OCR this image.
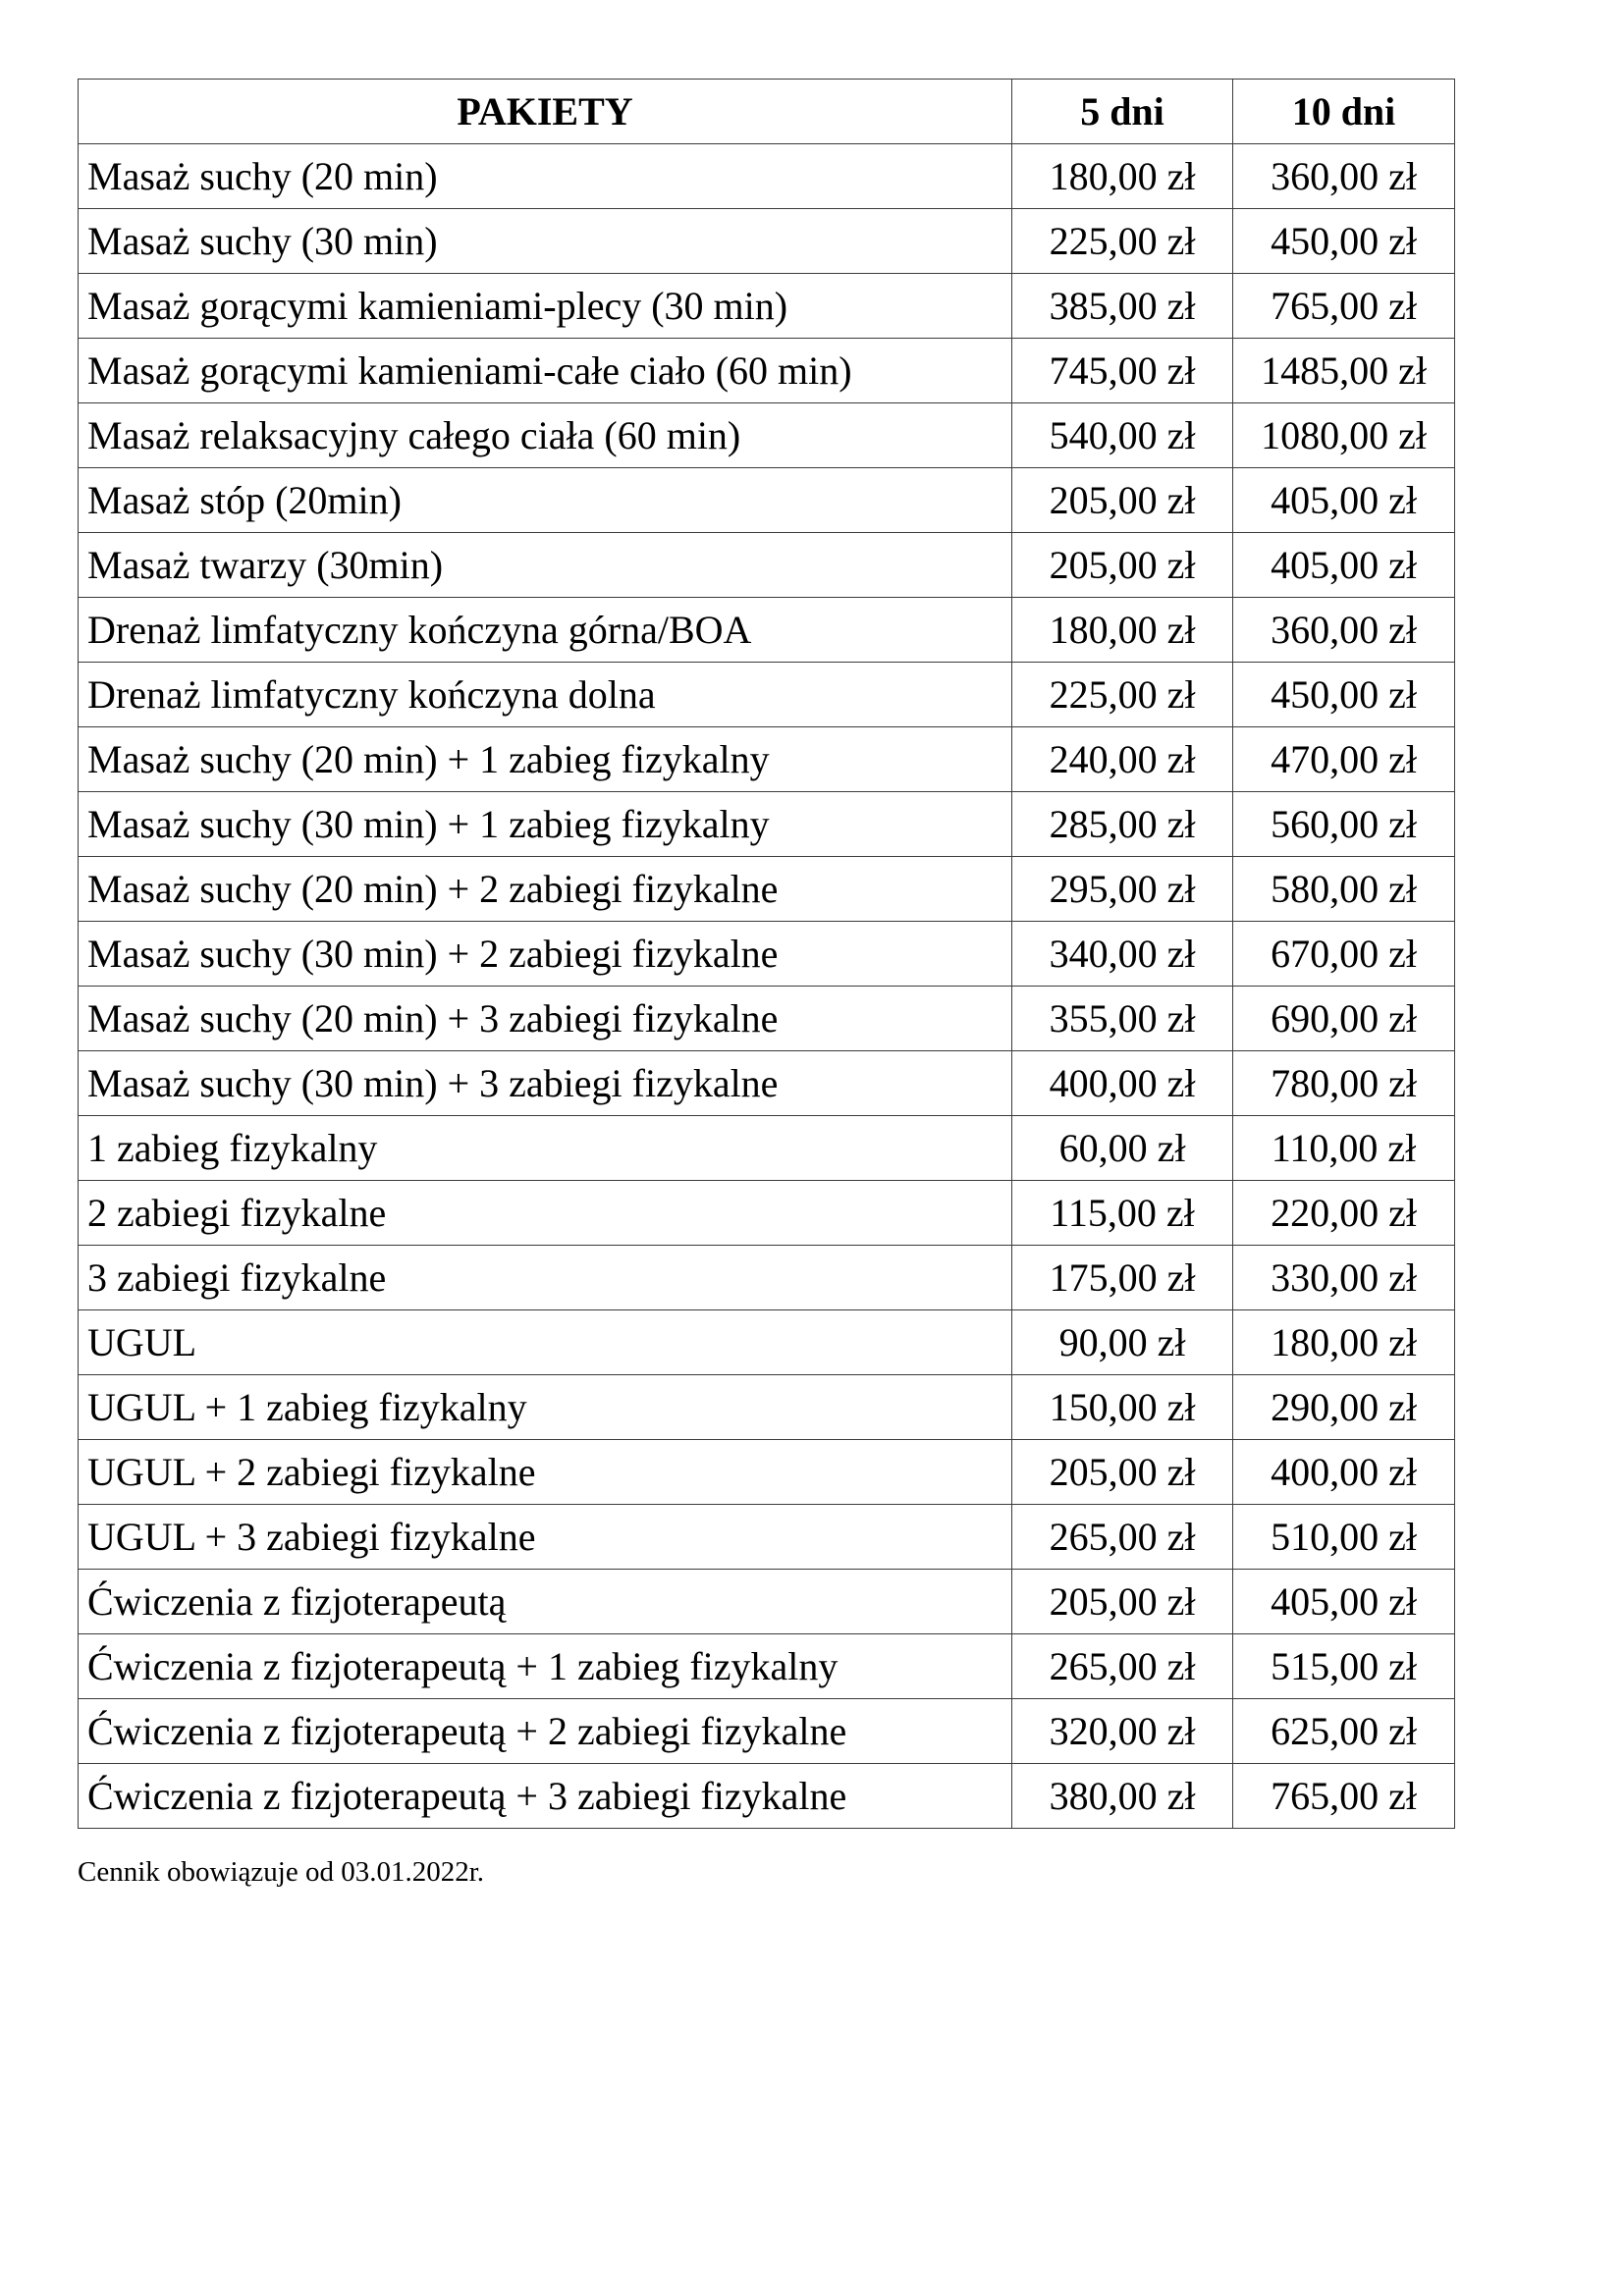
PAKIETY	5 dni	10 dni
Masaż suchy (20 min)	180,00 zł	360,00 zł
Masaż suchy (30 min)	225,00 zł	450,00 zł
Masaż gorącymi kamieniami-plecy (30 min)	385,00 zł	765,00 zł
Masaż gorącymi kamieniami-całe ciało (60 min)	745,00 zł	1485,00 zł
Masaż relaksacyjny całego ciała (60 min)	540,00 zł	1080,00 zł
Masaż stóp (20min)	205,00 zł	405,00 zł
Masaż twarzy (30min)	205,00 zł	405,00 zł
Drenaż limfatyczny kończyna górna/BOA	180,00 zł	360,00 zł
Drenaż limfatyczny kończyna dolna	225,00 zł	450,00 zł
Masaż suchy (20 min) + 1 zabieg fizykalny	240,00 zł	470,00 zł
Masaż suchy (30 min) + 1 zabieg fizykalny	285,00 zł	560,00 zł
Masaż suchy (20 min) + 2 zabiegi fizykalne	295,00 zł	580,00 zł
Masaż suchy (30 min) + 2 zabiegi fizykalne	340,00 zł	670,00 zł
Masaż suchy (20 min) + 3 zabiegi fizykalne	355,00 zł	690,00 zł
Masaż suchy (30 min) + 3 zabiegi fizykalne	400,00 zł	780,00 zł
1 zabieg fizykalny	60,00 zł	110,00 zł
2 zabiegi fizykalne	115,00 zł	220,00 zł
3 zabiegi fizykalne	175,00 zł	330,00 zł
UGUL	90,00 zł	180,00 zł
UGUL + 1 zabieg fizykalny	150,00 zł	290,00 zł
UGUL + 2 zabiegi fizykalne	205,00 zł	400,00 zł
UGUL + 3 zabiegi fizykalne	265,00 zł	510,00 zł
Ćwiczenia z fizjoterapeutą	205,00 zł	405,00 zł
Ćwiczenia z fizjoterapeutą + 1 zabieg fizykalny	265,00 zł	515,00 zł
Ćwiczenia z fizjoterapeutą + 2 zabiegi fizykalne	320,00 zł	625,00 zł
Ćwiczenia z fizjoterapeutą + 3 zabiegi fizykalne	380,00 zł	765,00 zł

Cennik obowiązuje od 03.01.2022r.
